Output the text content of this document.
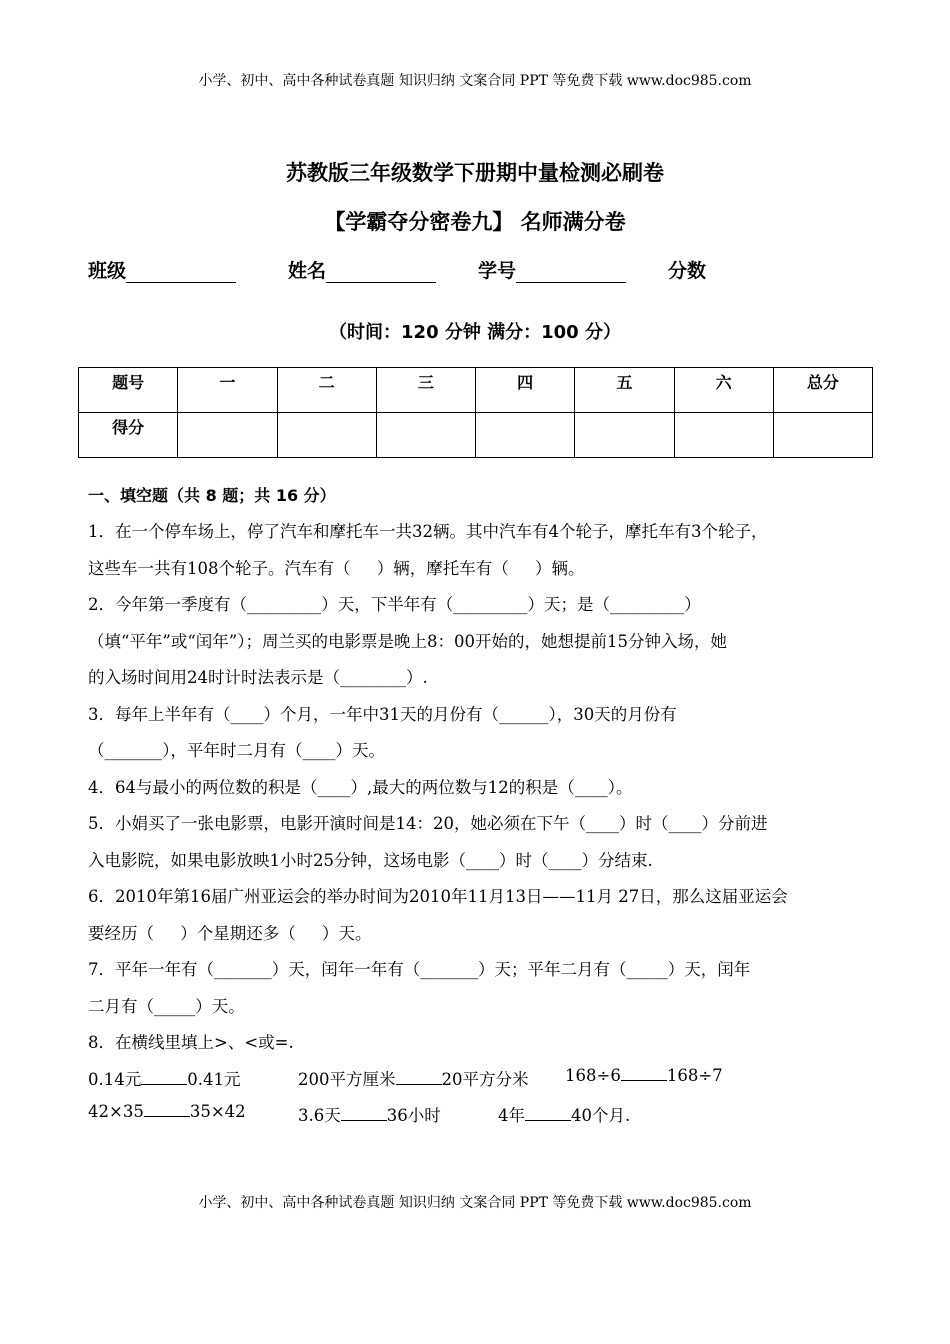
小学、初中、高中各种试卷真题 知识归纳 文案合同 PPT 等免费下载 www.doc985.com
苏教版三年级数学下册期中量检测必刷卷
【学霸夺分密卷九】 名师满分卷
班级	姓名	学号	分数
（时间：120 分钟 满分：100 分）
题号	一	二	三	四	五	六	总分
得分							
一、填空题（共 8 题；共 16 分）
1．在一个停车场上，停了汽车和摩托车一共32辆。其中汽车有4个轮子，摩托车有3个轮子，
这些车一共有108个轮子。汽车有（     ）辆，摩托车有（     ）辆。
2．今年第一季度有（_________）天，下半年有（_________）天；是（_________）
（填“平年”或“闰年”）；周兰买的电影票是晚上8：00开始的，她想提前15分钟入场，她
的入场时间用24时计时法表示是（________）.
3．每年上半年有（____）个月，一年中31天的月份有（______），30天的月份有
（_______），平年时二月有（____）天。
4．64与最小的两位数的积是（____）,最大的两位数与12的积是（____）。
5．小娟买了一张电影票，电影开演时间是14：20，她必须在下午（____）时（____）分前进
入电影院，如果电影放映1小时25分钟，这场电影（____）时（____）分结束.
6．2010年第16届广州亚运会的举办时间为2010年11月13日——11月 27日，那么这届亚运会
要经历（     ）个星期还多（     ）天。
7．平年一年有（_______）天，闰年一年有（_______）天；平年二月有（_____）天，闰年
二月有（_____）天。
8．在横线里填上>、<或=.
0.14元	0.41元	200平方厘米	20平方分米 168÷6	168÷7
42×35	35×42	3.6天	36小时	4年	40个月.
小学、初中、高中各种试卷真题 知识归纳 文案合同 PPT 等免费下载 www.doc985.com
